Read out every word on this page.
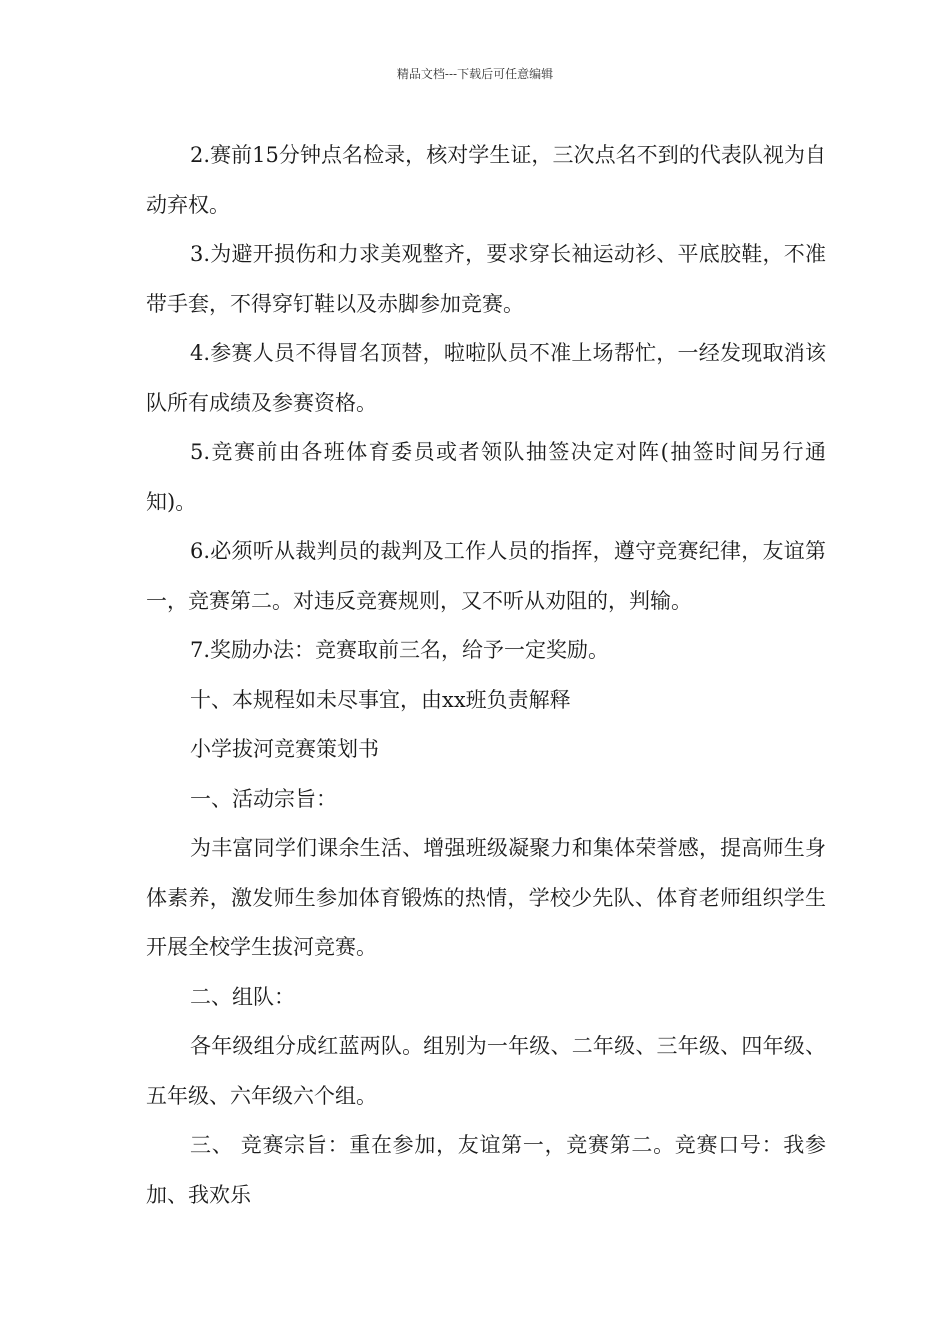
精品文档---下载后可任意编辑

2.赛前15分钟点名检录，核对学生证，三次点名不到的代表队视为自动弃权。

3.为避开损伤和力求美观整齐，要求穿长袖运动衫、平底胶鞋，不准带手套，不得穿钉鞋以及赤脚参加竞赛。

4.参赛人员不得冒名顶替，啦啦队员不准上场帮忙，一经发现取消该队所有成绩及参赛资格。

5.竞赛前由各班体育委员或者领队抽签决定对阵(抽签时间另行通知)。

6.必须听从裁判员的裁判及工作人员的指挥，遵守竞赛纪律，友谊第一，竞赛第二。对违反竞赛规则，又不听从劝阻的，判输。

7.奖励办法：竞赛取前三名，给予一定奖励。

十、本规程如未尽事宜，由xx班负责解释

小学拔河竞赛策划书

一、活动宗旨：

为丰富同学们课余生活、增强班级凝聚力和集体荣誉感，提高师生身体素养，激发师生参加体育锻炼的热情，学校少先队、体育老师组织学生开展全校学生拔河竞赛。

二、组队：

各年级组分成红蓝两队。组别为一年级、二年级、三年级、四年级、五年级、六年级六个组。

三、 竞赛宗旨：重在参加，友谊第一，竞赛第二。竞赛口号：我参加、我欢乐
